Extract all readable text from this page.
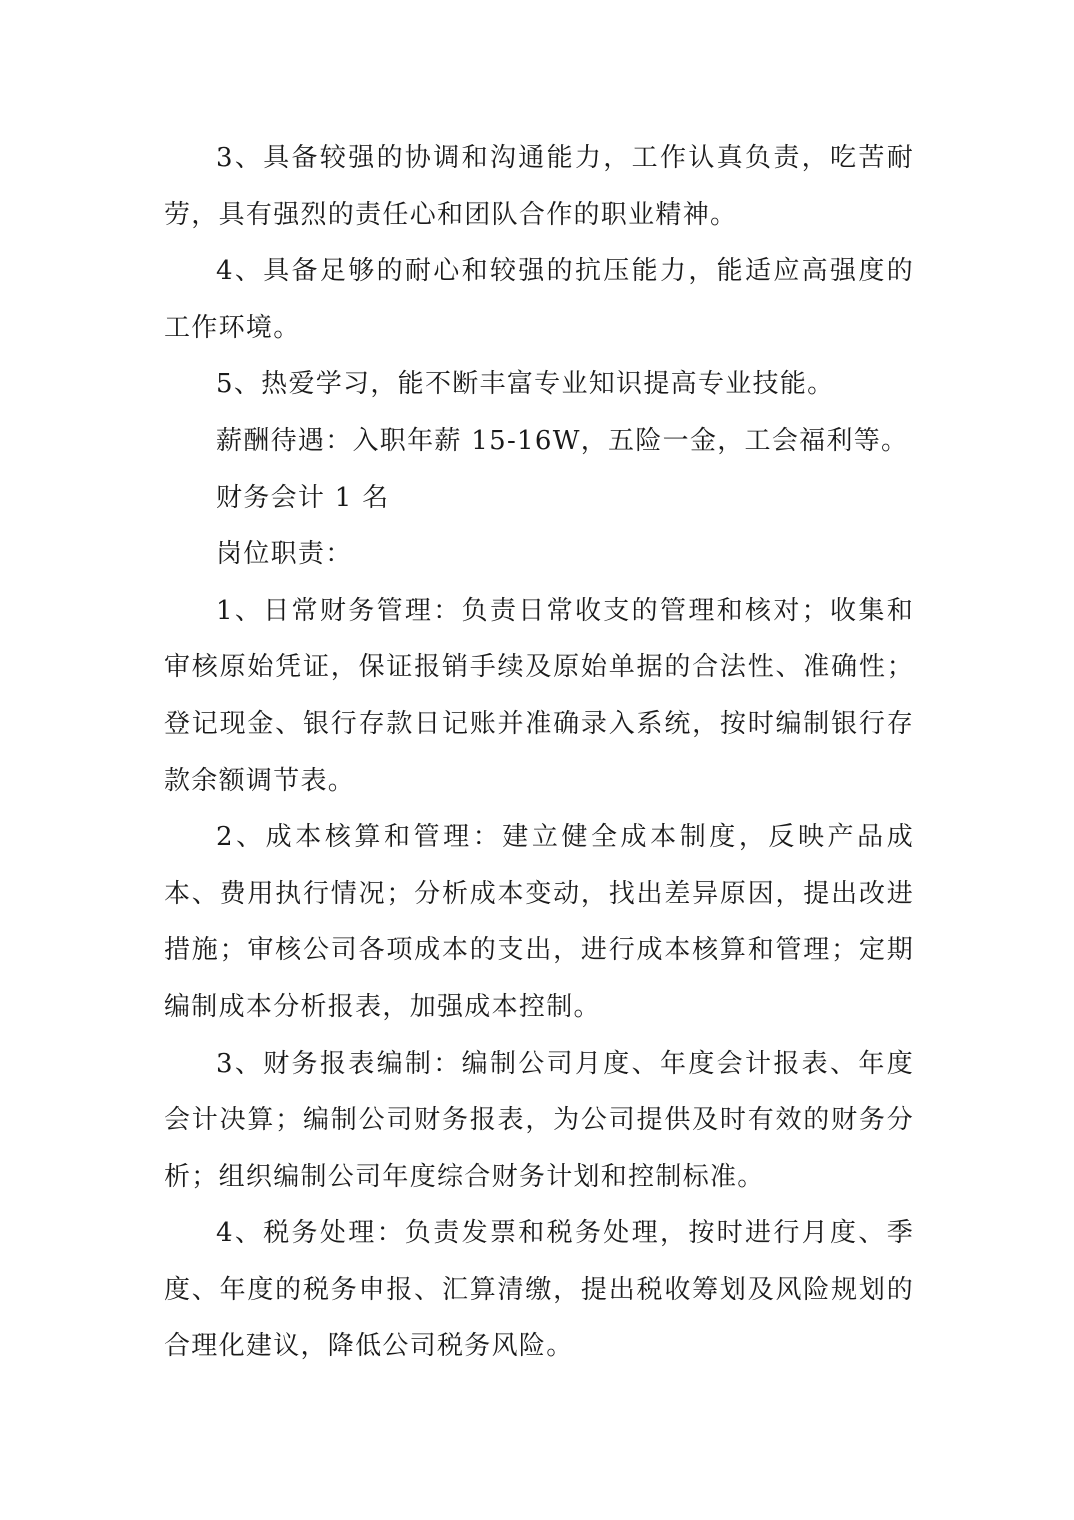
3、具备较强的协调和沟通能力，工作认真负责，吃苦耐劳，具有强烈的责任心和团队合作的职业精神。

4、具备足够的耐心和较强的抗压能力，能适应高强度的工作环境。

5、热爱学习，能不断丰富专业知识提高专业技能。

薪酬待遇：入职年薪 15-16W，五险一金，工会福利等。

财务会计 1 名

岗位职责：

1、日常财务管理：负责日常收支的管理和核对；收集和审核原始凭证，保证报销手续及原始单据的合法性、准确性；登记现金、银行存款日记账并准确录入系统，按时编制银行存款余额调节表。

2、成本核算和管理：建立健全成本制度，反映产品成本、费用执行情况；分析成本变动，找出差异原因，提出改进措施；审核公司各项成本的支出，进行成本核算和管理；定期编制成本分析报表，加强成本控制。

3、财务报表编制：编制公司月度、年度会计报表、年度会计决算；编制公司财务报表，为公司提供及时有效的财务分析；组织编制公司年度综合财务计划和控制标准。

4、税务处理：负责发票和税务处理，按时进行月度、季度、年度的税务申报、汇算清缴，提出税收筹划及风险规划的合理化建议，降低公司税务风险。
